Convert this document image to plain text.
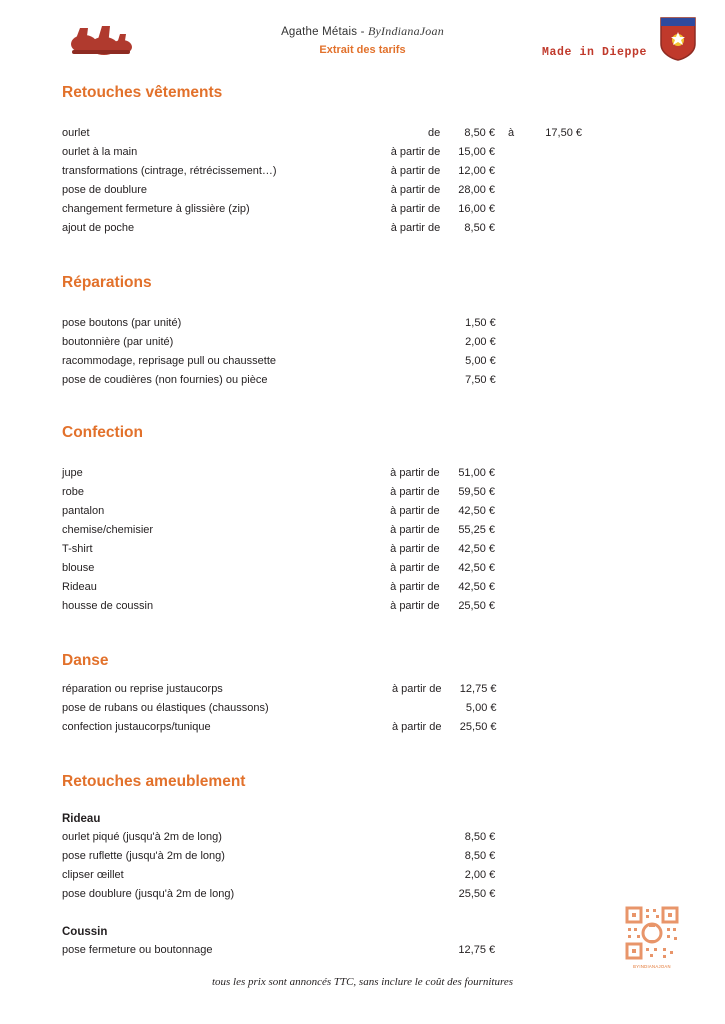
Agathe Métais - ByIndianaJoan
Extrait des tarifs	Made in Dieppe
Retouches vêtements
ourlet	de	8,50 €	à	17,50 €
ourlet à la main	à partir de	15,00 €		
transformations (cintrage, rétrécissement…)	à partir de	12,00 €		
pose de doublure	à partir de	28,00 €		
changement fermeture à glissière (zip)	à partir de	16,00 €		
ajout de poche	à partir de	8,50 €		
Réparations
pose boutons (par unité)		1,50 €		
boutonnière (par unité)		2,00 €		
racommodage, reprisage pull ou chaussette		5,00 €		
pose de coudières (non fournies) ou pièce		7,50 €		
Confection
jupe	à partir de	51,00 €		
robe	à partir de	59,50 €		
pantalon	à partir de	42,50 €		
chemise/chemisier	à partir de	55,25 €		
T-shirt	à partir de	42,50 €		
blouse	à partir de	42,50 €		
Rideau	à partir de	42,50 €		
housse de coussin	à partir de	25,50 €		
Danse
réparation ou reprise justaucorps	à partir de	12,75 €		
pose de rubans ou élastiques (chaussons)		5,00 €		
confection justaucorps/tunique	à partir de	25,50 €		
Retouches ameublement
Rideau
ourlet piqué (jusqu'à 2m de long)		8,50 €		
pose ruflette (jusqu'à 2m de long)		8,50 €		
clipser œillet		2,00 €		
pose doublure (jusqu'à 2m de long)		25,50 €		
Coussin
pose fermeture ou boutonnage		12,75 €		
BYINDIANAJOAN
tous les prix sont annoncés TTC, sans inclure le coût des fournitures
